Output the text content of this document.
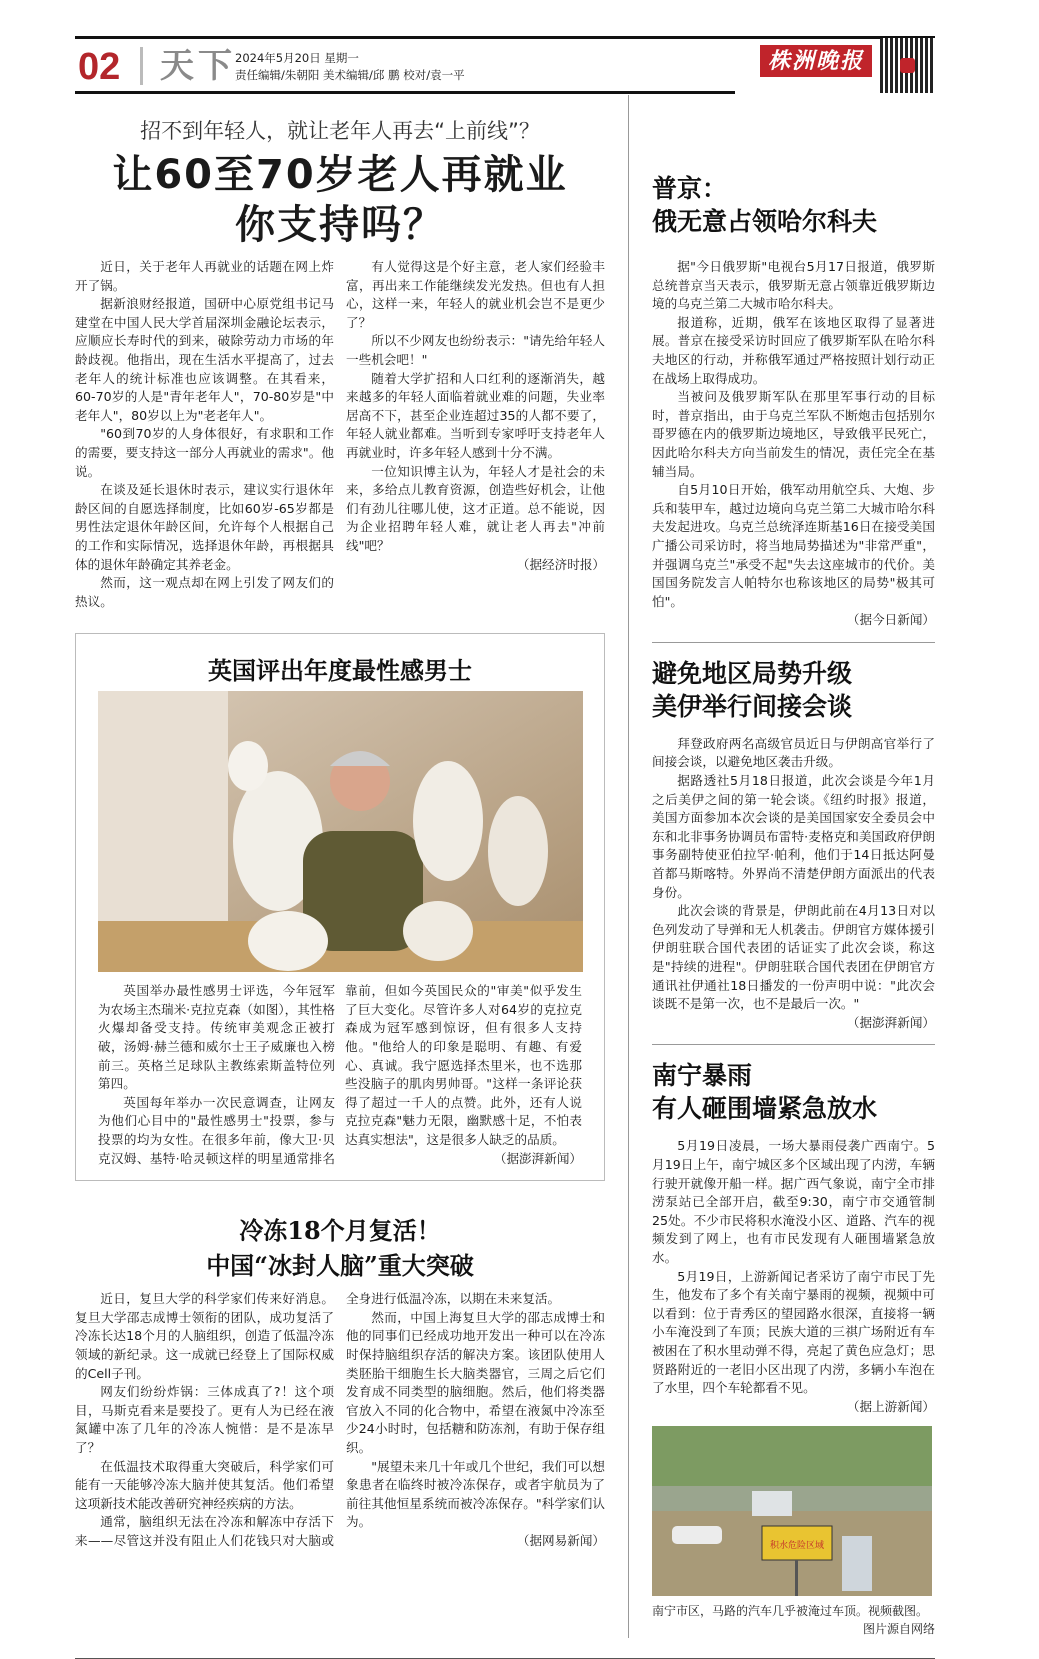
02 天下 2024年5月20日 星期一
责任编辑/朱朝阳 美术编辑/邱 鹏 校对/袁一平
株洲晚报
招不到年轻人，就让老年人再去“上前线”？
让60至70岁老人再就业
你支持吗？

近日，关于老年人再就业的话题在网上炸开了锅。

据新浪财经报道，国研中心原党组书记马建堂在中国人民大学首届深圳金融论坛表示，应顺应长寿时代的到来，破除劳动力市场的年龄歧视。他指出，现在生活水平提高了，过去老年人的统计标准也应该调整。在其看来，60-70岁的人是"青年老年人"，70-80岁是"中老年人"，80岁以上为"老老年人"。

"60到70岁的人身体很好，有求职和工作的需要，要支持这一部分人再就业的需求"。他说。

在谈及延长退休时表示，建议实行退休年龄区间的自愿选择制度，比如60岁-65岁都是男性法定退休年龄区间，允许每个人根据自己的工作和实际情况，选择退休年龄，再根据具体的退休年龄确定其养老金。

然而，这一观点却在网上引发了网友们的热议。

有人觉得这是个好主意，老人家们经验丰富，再出来工作能继续发光发热。但也有人担心，这样一来，年轻人的就业机会岂不是更少了？

所以不少网友也纷纷表示："请先给年轻人一些机会吧！"

随着大学扩招和人口红利的逐渐消失，越来越多的年轻人面临着就业难的问题，失业率居高不下，甚至企业连超过35的人都不要了，年轻人就业都难。当听到专家呼吁支持老年人再就业时，许多年轻人感到十分不满。

一位知识博主认为，年轻人才是社会的未来，多给点儿教育资源，创造些好机会，让他们有劲儿往哪儿使，这才正道。总不能说，因为企业招聘年轻人难，就让老人再去"冲前线"吧？

（据经济时报）

英国评出年度最性感男士

英国举办最性感男士评选，今年冠军为农场主杰瑞米·克拉克森（如图），其性格火爆却备受支持。传统审美观念正被打破，汤姆·赫兰德和威尔士王子威廉也入榜前三。英格兰足球队主教练索斯盖特位列第四。

英国每年举办一次民意调查，让网友为他们心目中的"最性感男士"投票，参与投票的均为女性。在很多年前，像大卫·贝克汉姆、基特·哈灵顿这样的明星通常排名靠前，但如今英国民众的"审美"似乎发生了巨大变化。尽管许多人对64岁的克拉克森成为冠军感到惊讶，但有很多人支持他。"他给人的印象是聪明、有趣、有爱心、真诚。我宁愿选择杰里米，也不选那些没脑子的肌肉男帅哥。"这样一条评论获得了超过一千人的点赞。此外，还有人说克拉克森"魅力无限，幽默感十足，不怕表达真实想法"，这是很多人缺乏的品质。

（据澎湃新闻）

冷冻18个月复活！
中国“冰封人脑”重大突破

近日，复旦大学的科学家们传来好消息。复旦大学邵志成博士领衔的团队，成功复活了冷冻长达18个月的人脑组织，创造了低温冷冻领域的新纪录。这一成就已经登上了国际权威的Cell子刊。

网友们纷纷炸锅：三体成真了?！这个项目，马斯克看来是要投了。更有人为已经在液氮罐中冻了几年的冷冻人惋惜：是不是冻早了？

在低温技术取得重大突破后，科学家们可能有一天能够冷冻大脑并使其复活。他们希望这项新技术能改善研究神经疾病的方法。

通常，脑组织无法在冷冻和解冻中存活下来——尽管这并没有阻止人们花钱只对大脑或全身进行低温冷冻，以期在未来复活。

然而，中国上海复旦大学的邵志成博士和他的同事们已经成功地开发出一种可以在冷冻时保持脑组织存活的解决方案。该团队使用人类胚胎干细胞生长大脑类器官，三周之后它们发育成不同类型的脑细胞。然后，他们将类器官放入不同的化合物中，希望在液氮中冷冻至少24小时时，包括糖和防冻剂，有助于保存组织。

"展望未来几十年或几个世纪，我们可以想象患者在临终时被冷冻保存，或者宇航员为了前往其他恒星系统而被冷冻保存。"科学家们认为。

（据网易新闻）

普京：
俄无意占领哈尔科夫

据"今日俄罗斯"电视台5月17日报道，俄罗斯总统普京当天表示，俄罗斯无意占领靠近俄罗斯边境的乌克兰第二大城市哈尔科夫。

报道称，近期，俄军在该地区取得了显著进展。普京在接受采访时回应了俄罗斯军队在哈尔科夫地区的行动，并称俄军通过严格按照计划行动正在战场上取得成功。

当被问及俄罗斯军队在那里军事行动的目标时，普京指出，由于乌克兰军队不断炮击包括别尔哥罗德在内的俄罗斯边境地区，导致俄平民死亡，因此哈尔科夫方向当前发生的情况，责任完全在基辅当局。

自5月10日开始，俄军动用航空兵、大炮、步兵和装甲车，越过边境向乌克兰第二大城市哈尔科夫发起进攻。乌克兰总统泽连斯基16日在接受美国广播公司采访时，将当地局势描述为"非常严重"，并强调乌克兰"承受不起"失去这座城市的代价。美国国务院发言人帕特尔也称该地区的局势"极其可怕"。

（据今日新闻）

避免地区局势升级
美伊举行间接会谈

拜登政府两名高级官员近日与伊朗高官举行了间接会谈，以避免地区袭击升级。

据路透社5月18日报道，此次会谈是今年1月之后美伊之间的第一轮会谈。《纽约时报》报道，美国方面参加本次会谈的是美国国家安全委员会中东和北非事务协调员布雷特·麦格克和美国政府伊朗事务副特使亚伯拉罕·帕利，他们于14日抵达阿曼首都马斯喀特。外界尚不清楚伊朗方面派出的代表身份。

此次会谈的背景是，伊朗此前在4月13日对以色列发动了导弹和无人机袭击。伊朗官方媒体援引伊朗驻联合国代表团的话证实了此次会谈，称这是"持续的进程"。伊朗驻联合国代表团在伊朗官方通讯社伊通社18日播发的一份声明中说："此次会谈既不是第一次，也不是最后一次。"

（据澎湃新闻）

南宁暴雨
有人砸围墙紧急放水

5月19日凌晨，一场大暴雨侵袭广西南宁。5月19日上午，南宁城区多个区域出现了内涝，车辆行驶开就像开船一样。据广西气象说，南宁全市排涝泵站已全部开启，截至9:30，南宁市交通管制25处。不少市民将积水淹没小区、道路、汽车的视频发到了网上，也有市民发现有人砸围墙紧急放水。

5月19日，上游新闻记者采访了南宁市民丁先生，他发布了多个有关南宁暴雨的视频，视频中可以看到：位于青秀区的望园路水很深，直接将一辆小车淹没到了车顶；民族大道的三祺广场附近有车被困在了积水里动弹不得，亮起了黄色应急灯；思贤路附近的一老旧小区出现了内涝，多辆小车泡在了水里，四个车轮都看不见。

（据上游新闻）

积水危险区域
南宁市区，马路的汽车几乎被淹过车顶。视频截图。
图片源自网络
